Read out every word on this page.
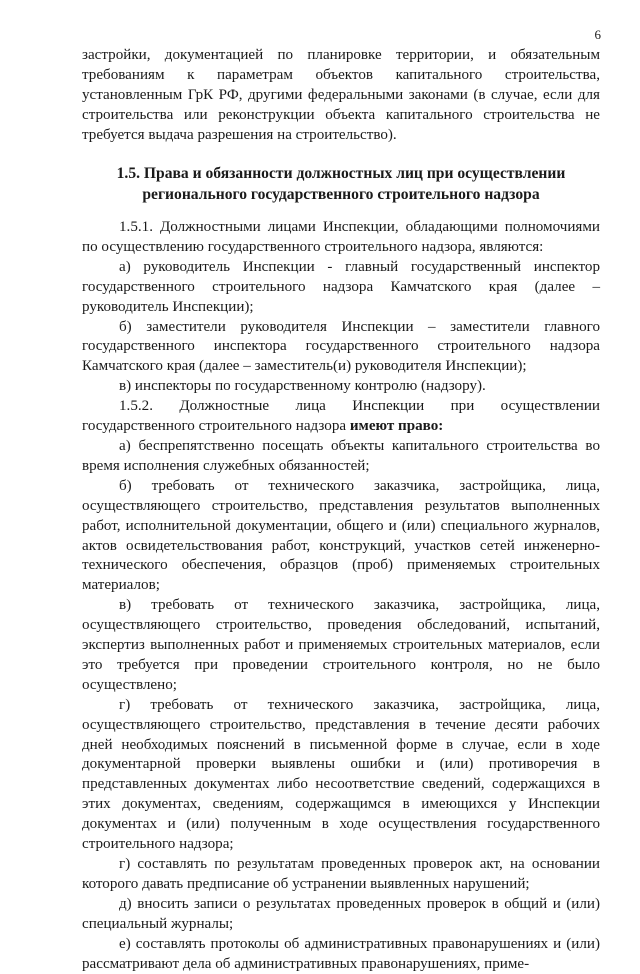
6

застройки, документацией по планировке территории, и обязательным требованиям к параметрам объектов капитального строительства, установленным ГрК РФ, другими федеральными законами (в случае, если для строительства или реконструкции объекта капитального строительства не требуется выдача разрешения на строительство).

1.5. Права и обязанности должностных лиц при осуществлении

регионального государственного строительного надзора

1.5.1. Должностными лицами Инспекции, обладающими полномочиями по осуществлению государственного строительного надзора, являются:

а) руководитель Инспекции - главный государственный инспектор государственного строительного надзора Камчатского края (далее – руководитель Инспекции);

б) заместители руководителя Инспекции – заместители главного государственного инспектора государственного строительного надзора Камчатского края (далее – заместитель(и) руководителя Инспекции);

в) инспекторы по государственному контролю (надзору).

1.5.2. Должностные лица Инспекции при осуществлении государственного строительного надзора имеют право:

а) беспрепятственно посещать объекты капитального строительства во время исполнения служебных обязанностей;

б) требовать от технического заказчика, застройщика, лица, осуществляющего строительство, представления результатов выполненных работ, исполнительной документации, общего и (или) специального журналов, актов освидетельствования работ, конструкций, участков сетей инженерно-технического обеспечения, образцов (проб) применяемых строительных материалов;

в) требовать от технического заказчика, застройщика, лица, осуществляющего строительство, проведения обследований, испытаний, экспертиз выполненных работ и применяемых строительных материалов, если это требуется при проведении строительного контроля, но не было осуществлено;

г) требовать от технического заказчика, застройщика, лица, осуществляющего строительство, представления в течение десяти рабочих дней необходимых пояснений в письменной форме в случае, если в ходе документарной проверки выявлены ошибки и (или) противоречия в представленных документах либо несоответствие сведений, содержащихся в этих документах, сведениям, содержащимся в имеющихся у Инспекции документах и (или) полученным в ходе осуществления государственного строительного надзора;

г) составлять по результатам проведенных проверок акт, на основании которого давать предписание об устранении выявленных нарушений;

д) вносить записи о результатах проведенных проверок в общий и (или) специальный журналы;

е) составлять протоколы об административных правонарушениях и (или) рассматривают дела об административных правонарушениях, приме-
